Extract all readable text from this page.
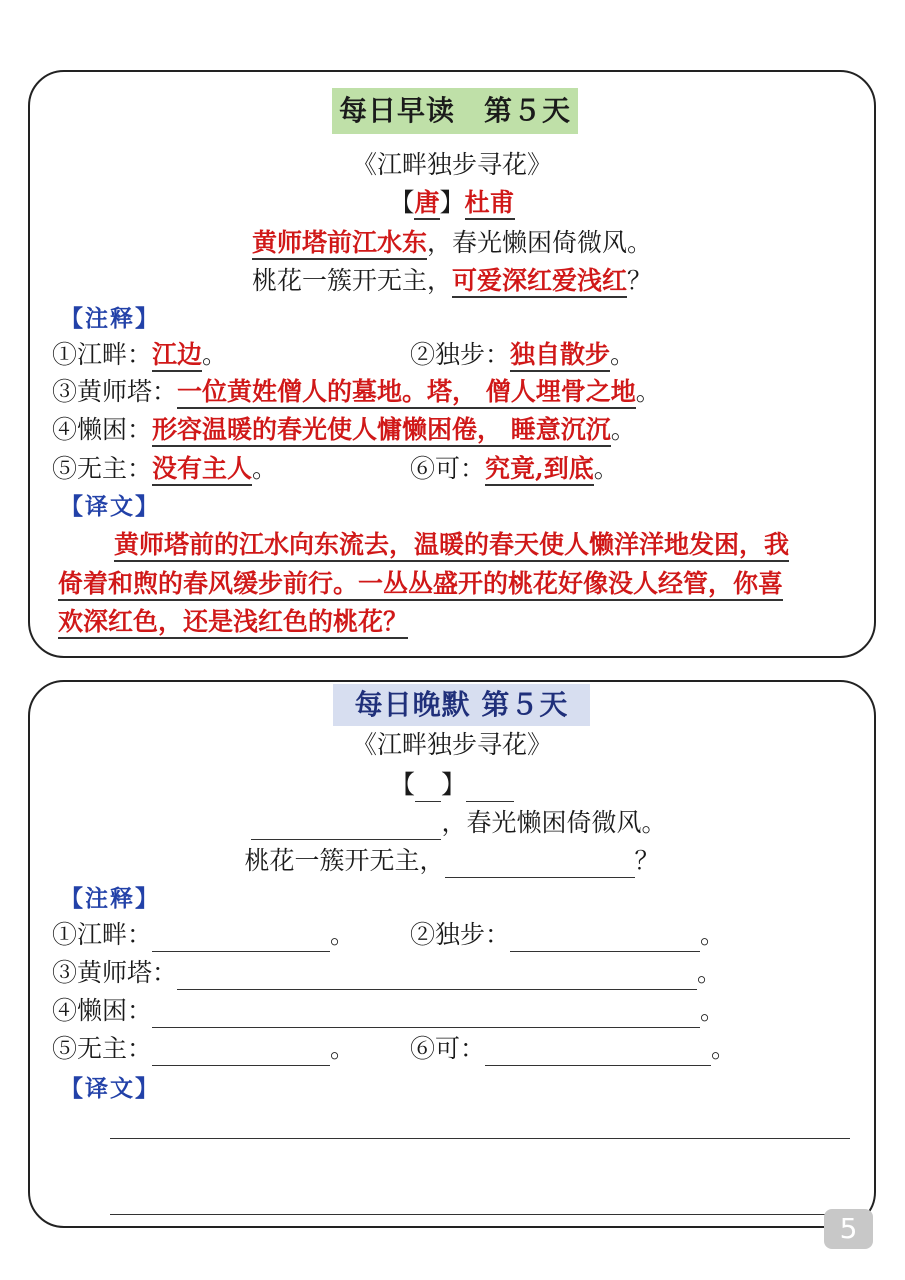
每日早读　第５天
《江畔独步寻花》
【唐】杜甫
黄师塔前江水东，春光懒困倚微风。
桃花一簇开无主，可爱深红爱浅红？
【注释】
①江畔：江边。	②独步：独自散步。
③黄师塔：一位黄姓僧人的墓地。塔， 僧人埋骨之地。
④懒困：形容温暖的春光使人慵懒困倦， 睡意沉沉。
⑤无主：没有主人。	⑥可：究竟,到底。
【译文】
黄师塔前的江水向东流去，温暖的春天使人懒洋洋地发困，我
倚着和煦的春风缓步前行。一丛丛盛开的桃花好像没人经管，你喜
欢深红色，还是浅红色的桃花？
每日晚默 第５天
《江畔独步寻花》
【 】
，春光懒困倚微风。
桃花一簇开无主，	？
【注释】
①江畔：	。 ②独步：	。
③黄师塔：	。
④懒困：	。
⑤无主：	。 ⑥可：	。
【译文】
5
